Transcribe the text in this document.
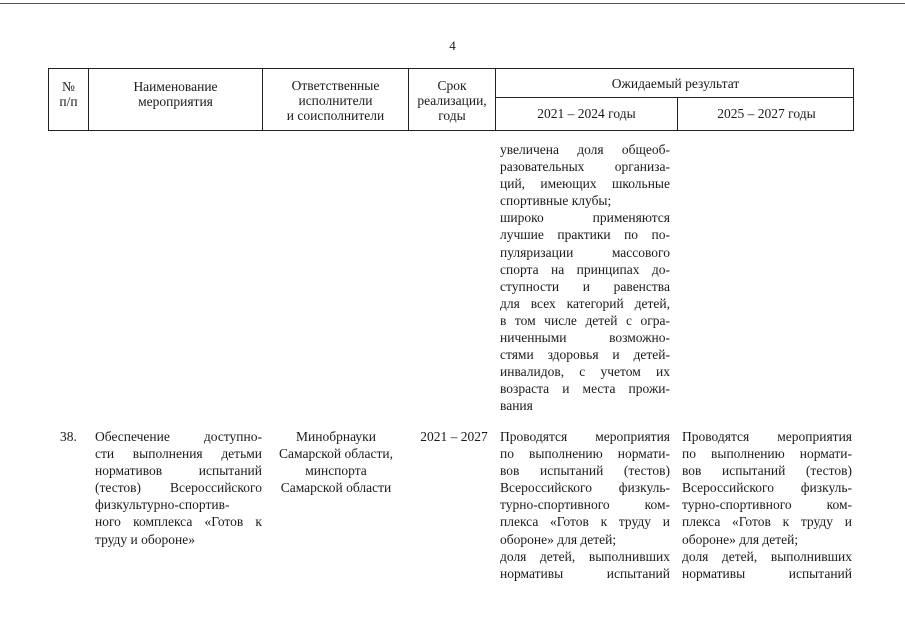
4
№
п/п
Наименование
мероприятия
Ответственные
исполнители
и соисполнители
Срок
реализации,
годы
Ожидаемый результат
2021 – 2024 годы	2025 – 2027 годы
увеличена доля общеоб-
разовательных организа-
ций, имеющих школьные
спортивные клубы;
широко применяются
лучшие практики по по-
пуляризации массового
спорта на принципах до-
ступности и равенства
для всех категорий детей,
в том числе детей с огра-
ниченными возможно-
стями здоровья и детей-
инвалидов, с учетом их
возраста и места прожи-
вания
38.	Обеспечение доступно-
сти выполнения детьми
нормативов испытаний
(тестов) Всероссийского
физкультурно-спортив-
ного комплекса «Готов к
труду и обороне»
Минобрнауки
Самарской области,
минспорта
Самарской области
2021 – 2027 Проводятся мероприятия
по выполнению нормати-
вов испытаний (тестов)
Всероссийского физкуль-
турно-спортивного ком-
плекса «Готов к труду и
обороне» для детей;
доля детей, выполнивших
нормативы испытаний
Проводятся мероприятия
по выполнению нормати-
вов испытаний (тестов)
Всероссийского физкуль-
турно-спортивного ком-
плекса «Готов к труду и
обороне» для детей;
доля детей, выполнивших
нормативы испытаний
